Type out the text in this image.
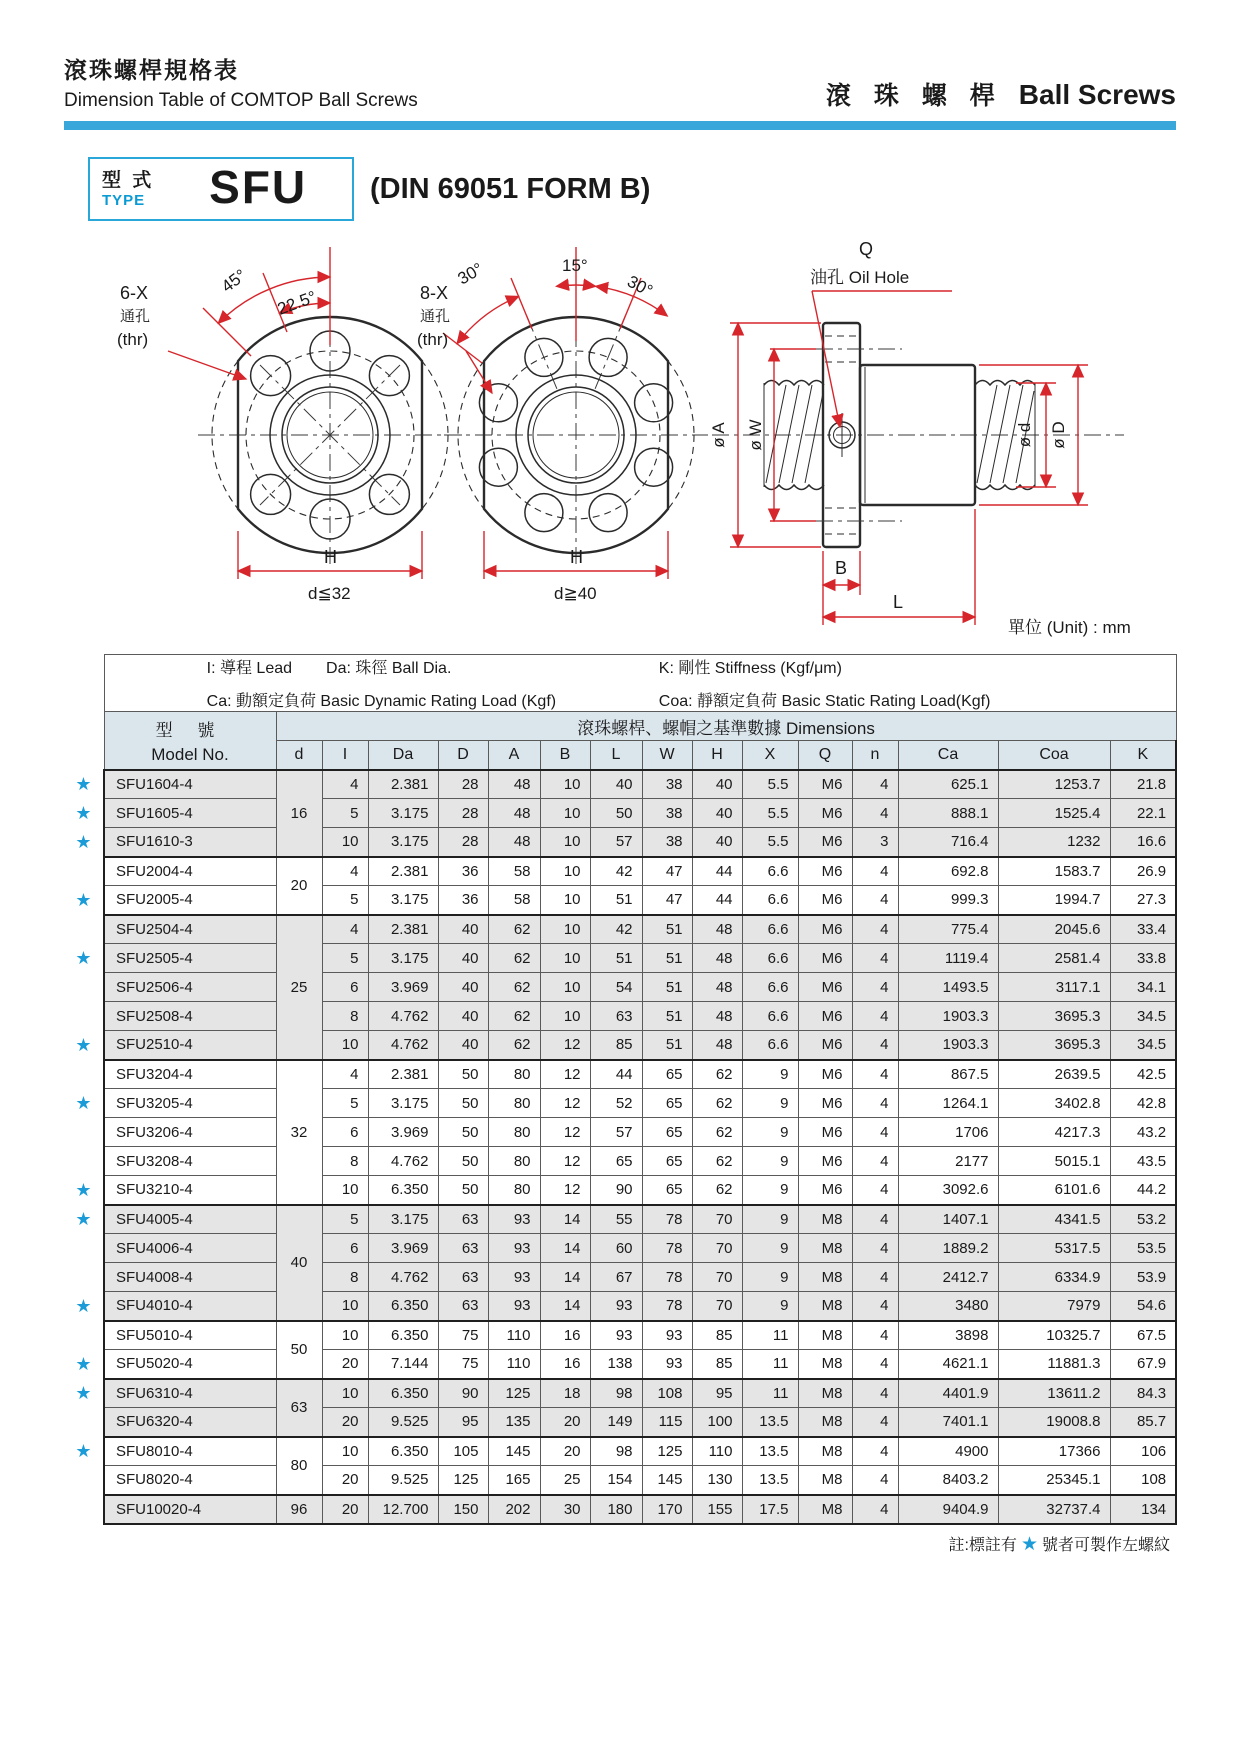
滾珠螺桿規格表
Dimension Table of COMTOP Ball Screws	滾 珠 螺 桿 Ball Screws
型 式
TYPE	SFU	(DIN 69051 FORM B)
45°
22.5°
6-X
通孔
(thr)
H
d≦32
30°	15°
30°
8-X
通孔
(thr)
H
d≧40
Q
油孔 Oil Hole
ø A ø W	ø d ø D
B
L
單位 (Unit) : mm

	I: 導程 Lead Da: 珠徑 Ball Dia. K: 剛性 Stiffness (Kgf/μm)
Ca: 動額定負荷 Basic Dynamic Rating Load (Kgf) Coa: 靜額定負荷 Basic Static Rating Load(Kgf)															

	型 號
Model No.	滾珠螺桿、螺帽之基準數據 Dimensions														
		d	I	Da	D	A	B	L	W	H	X	Q	n	Ca	Coa	K
★	SFU1604-4	16	4	2.381	28	48	10	40	38	40	5.5	M6	4	625.1	1253.7	21.8
★	SFU1605-4		5	3.175	28	48	10	50	38	40	5.5	M6	4	888.1	1525.4	22.1
★	SFU1610-3		10	3.175	28	48	10	57	38	40	5.5	M6	3	716.4	1232	16.6
	SFU2004-4	20	4	2.381	36	58	10	42	47	44	6.6	M6	4	692.8	1583.7	26.9
★	SFU2005-4		5	3.175	36	58	10	51	47	44	6.6	M6	4	999.3	1994.7	27.3
	SFU2504-4	25	4	2.381	40	62	10	42	51	48	6.6	M6	4	775.4	2045.6	33.4
★	SFU2505-4		5	3.175	40	62	10	51	51	48	6.6	M6	4	1119.4	2581.4	33.8
	SFU2506-4		6	3.969	40	62	10	54	51	48	6.6	M6	4	1493.5	3117.1	34.1
	SFU2508-4		8	4.762	40	62	10	63	51	48	6.6	M6	4	1903.3	3695.3	34.5
★	SFU2510-4		10	4.762	40	62	12	85	51	48	6.6	M6	4	1903.3	3695.3	34.5
	SFU3204-4	32	4	2.381	50	80	12	44	65	62	9	M6	4	867.5	2639.5	42.5
★	SFU3205-4		5	3.175	50	80	12	52	65	62	9	M6	4	1264.1	3402.8	42.8
	SFU3206-4		6	3.969	50	80	12	57	65	62	9	M6	4	1706	4217.3	43.2
	SFU3208-4		8	4.762	50	80	12	65	65	62	9	M6	4	2177	5015.1	43.5
★	SFU3210-4		10	6.350	50	80	12	90	65	62	9	M6	4	3092.6	6101.6	44.2
★	SFU4005-4	40	5	3.175	63	93	14	55	78	70	9	M8	4	1407.1	4341.5	53.2
	SFU4006-4		6	3.969	63	93	14	60	78	70	9	M8	4	1889.2	5317.5	53.5
	SFU4008-4		8	4.762	63	93	14	67	78	70	9	M8	4	2412.7	6334.9	53.9
★	SFU4010-4		10	6.350	63	93	14	93	78	70	9	M8	4	3480	7979	54.6
	SFU5010-4	50	10	6.350	75	110	16	93	93	85	11	M8	4	3898	10325.7	67.5
★	SFU5020-4		20	7.144	75	110	16	138	93	85	11	M8	4	4621.1	11881.3	67.9
★	SFU6310-4	63	10	6.350	90	125	18	98	108	95	11	M8	4	4401.9	13611.2	84.3
	SFU6320-4		20	9.525	95	135	20	149	115	100	13.5	M8	4	7401.1	19008.8	85.7
★	SFU8010-4	80	10	6.350	105	145	20	98	125	110	13.5	M8	4	4900	17366	106
	SFU8020-4		20	9.525	125	165	25	154	145	130	13.5	M8	4	8403.2	25345.1	108
	SFU10020-4	96	20	12.700	150	202	30	180	170	155	17.5	M8	4	9404.9	32737.4	134
註:標註有 ★ 號者可製作左螺紋
